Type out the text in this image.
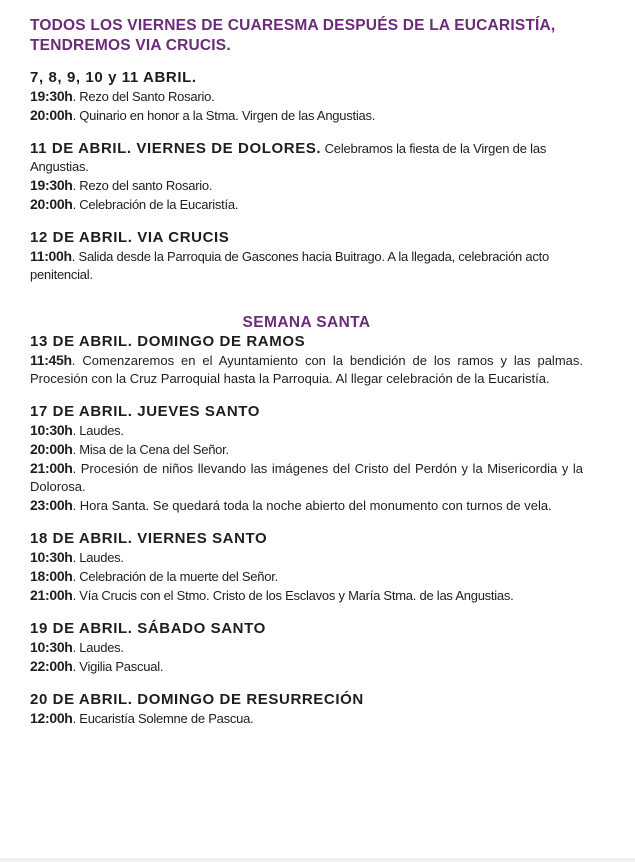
TODOS LOS VIERNES DE CUARESMA DESPUÉS DE LA EUCARISTÍA, TENDREMOS VIA CRUCIS.
7, 8, 9, 10 y 11 ABRIL.
19:30h. Rezo del Santo Rosario.
20:00h. Quinario en honor a la Stma. Virgen de las Angustias.
11 DE ABRIL. VIERNES DE DOLORES. Celebramos la fiesta de la Virgen de las Angustias.
19:30h. Rezo del santo Rosario.
20:00h. Celebración de la Eucaristía.
12 DE ABRIL. VIA CRUCIS
11:00h. Salida desde la Parroquia de Gascones hacia Buitrago. A la llegada, celebración acto penitencial.
SEMANA SANTA
13 DE ABRIL. DOMINGO DE RAMOS
11:45h. Comenzaremos en el Ayuntamiento con la bendición de los ramos y las palmas. Procesión con la Cruz Parroquial hasta la Parroquia. Al llegar celebración de la Eucaristía.
17 DE ABRIL. JUEVES SANTO
10:30h. Laudes.
20:00h. Misa de la Cena del Señor.
21:00h. Procesión de niños llevando las imágenes del Cristo del Perdón y la Misericordia y la Dolorosa.
23:00h. Hora Santa. Se quedará toda la noche abierto del monumento con turnos de vela.
18 DE ABRIL. VIERNES SANTO
10:30h. Laudes.
18:00h. Celebración de la muerte del Señor.
21:00h. Vía Crucis con el Stmo. Cristo de los Esclavos y María Stma. de las Angustias.
19 DE ABRIL. SÁBADO SANTO
10:30h. Laudes.
22:00h. Vigilia Pascual.
20 DE ABRIL. DOMINGO DE RESURRECIÓN
12:00h. Eucaristía Solemne de Pascua.
